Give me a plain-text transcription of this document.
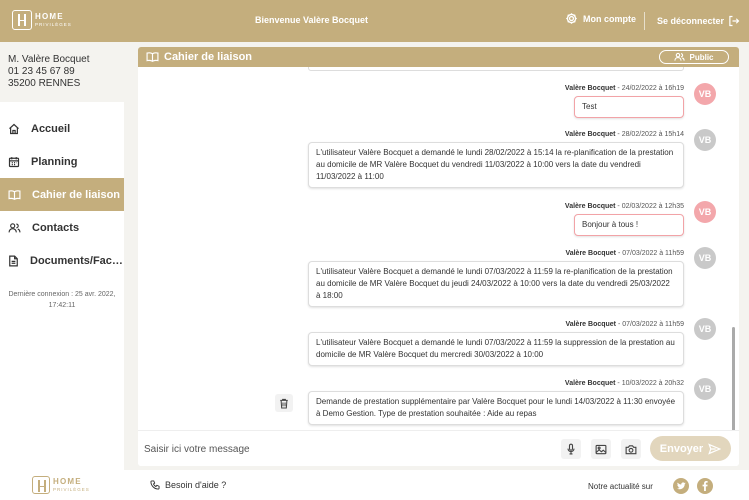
HOME
PRIVILÈGES	Bienvenue Valère Bocquet	Mon compte Se déconnecter
M. Valère Bocquet
01 23 45 67 89
35200 RENNES
Accueil
Planning
Cahier de liaison
Contacts
Documents/Fac…
Dernière connexion : 25 avr. 2022, 17:42:11
Cahier de liaison	Public
Valère Bocquet - 24/02/2022 à 16h19
Test
VB
Valère Bocquet - 28/02/2022 à 15h14
L'utilisateur Valère Bocquet a demandé le lundi 28/02/2022 à 15:14 la re-planification de la prestation au domicile de MR Valère Bocquet du vendredi 11/03/2022 à 10:00 vers la date du vendredi 11/03/2022 à 11:00
VB
Valère Bocquet - 02/03/2022 à 12h35
Bonjour à tous !
VB
Valère Bocquet - 07/03/2022 à 11h59
L'utilisateur Valère Bocquet a demandé le lundi 07/03/2022 à 11:59 la re-planification de la prestation au domicile de MR Valère Bocquet du jeudi 24/03/2022 à 10:00 vers la date du vendredi 25/03/2022 à 18:00
VB
Valère Bocquet - 07/03/2022 à 11h59
L'utilisateur Valère Bocquet a demandé le lundi 07/03/2022 à 11:59 la suppression de la prestation au domicile de MR Valère Bocquet du mercredi 30/03/2022 à 10:00
VB
Valère Bocquet - 10/03/2022 à 20h32
Demande de prestation supplémentaire par Valère Bocquet pour le lundi 14/03/2022 à 11:30 envoyée à Demo Gestion. Type de prestation souhaitée : Aide au repas
VB
Saisir ici votre message
Envoyer
HOME
PRIVILÈGES	Besoin d'aide ?	Notre actualité sur
